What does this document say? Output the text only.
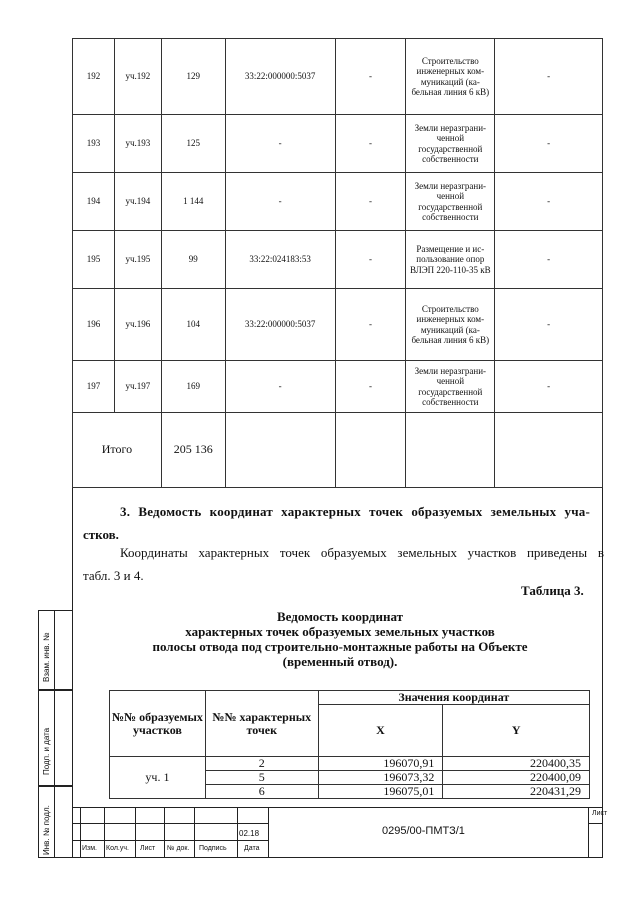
192	уч.192	129	33:22:000000:5037	-	Строительство инженерных ком-муникаций (ка-бельная линия 6 кВ)	-
193	уч.193	125	-	-	Земли неразграни-ченной государственной собственности	-
194	уч.194	1 144	-	-	Земли неразграни-ченной государственной собственности	-
195	уч.195	99	33:22:024183:53	-	Размещение и ис-пользование опор ВЛЭП 220-110-35 кВ	-
196	уч.196	104	33:22:000000:5037	-	Строительство инженерных ком-муникаций (ка-бельная линия 6 кВ)	-
197	уч.197	169	-	-	Земли неразграни-ченной государственной собственности	-
Итого		205 136				
3. Ведомость координат характерных точек образуемых земельных уча-
стков.
Координаты характерных точек образуемых земельных участков приведены в
табл. 3 и 4.
Таблица 3.
Ведомость координат
характерных точек образуемых земельных участков
полосы отвода под строительно-монтажные работы на Объекте
(временный отвод).
№№ образуемых участков	№№ характерных точек	Значения координат	
		X	Y
уч. 1	2	196070,91	220400,35
	5	196073,32	220400,09
	6	196075,01	220431,29
Взам. инв. №
Подп. и дата
Инв. № подл.	Изм. Кол.уч. Лист № док. Подпись Дата
02.18	0295/00-ПМТЗ/1
Лист
